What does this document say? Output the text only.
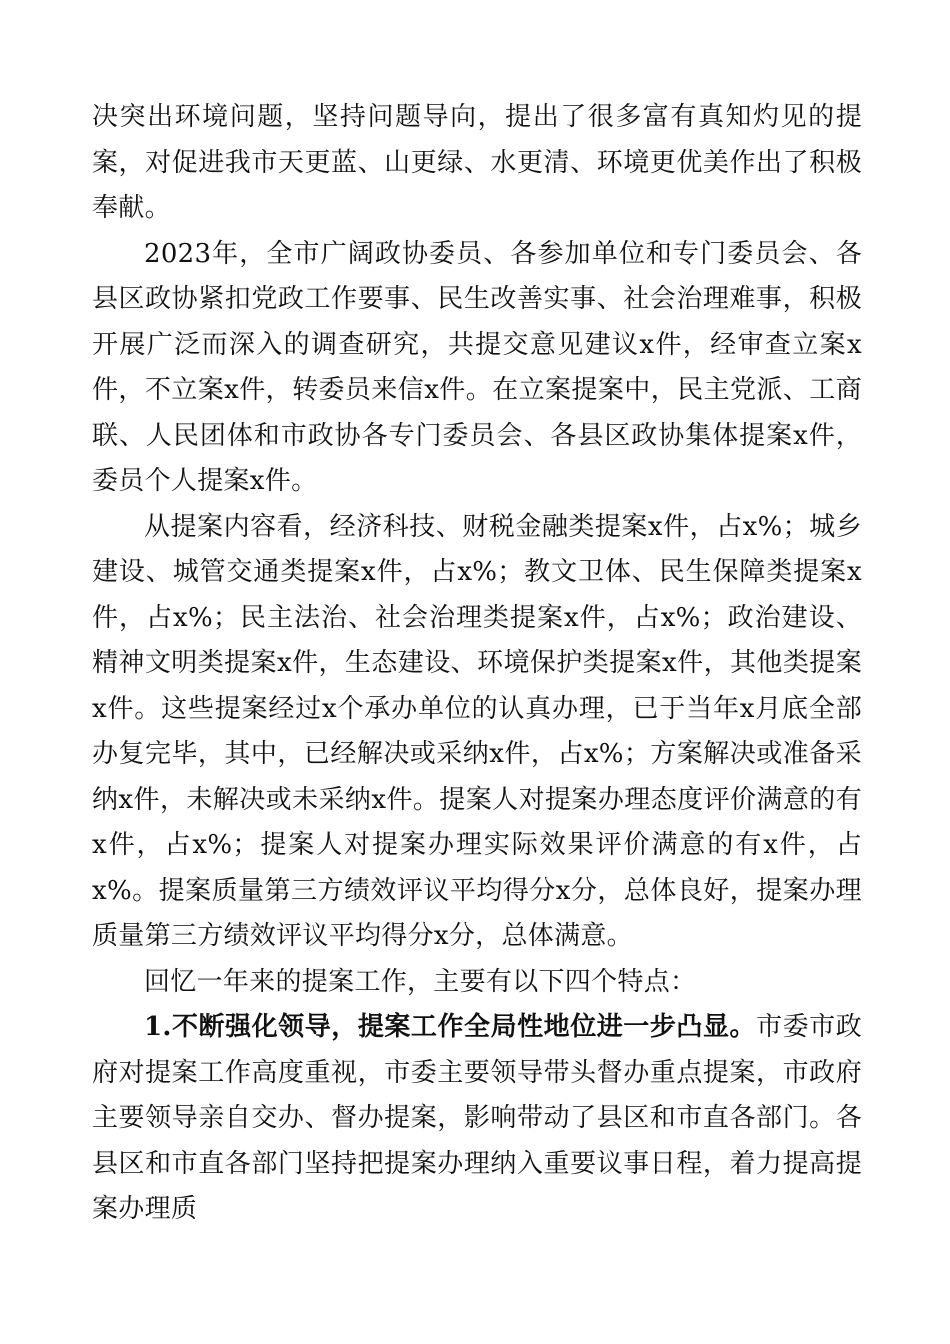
决突出环境问题，坚持问题导向，提出了很多富有真知灼见的提案，对促进我市天更蓝、山更绿、水更清、环境更优美作出了积极奉献。

2023年，全市广阔政协委员、各参加单位和专门委员会、各县区政协紧扣党政工作要事、民生改善实事、社会治理难事，积极开展广泛而深入的调查研究，共提交意见建议x件，经审查立案x件，不立案x件，转委员来信x件。在立案提案中，民主党派、工商联、人民团体和市政协各专门委员会、各县区政协集体提案x件，委员个人提案x件。

从提案内容看，经济科技、财税金融类提案x件，占x%；城乡建设、城管交通类提案x件，占x%；教文卫体、民生保障类提案x件，占x%；民主法治、社会治理类提案x件，占x%；政治建设、精神文明类提案x件，生态建设、环境保护类提案x件，其他类提案x件。这些提案经过x个承办单位的认真办理，已于当年x月底全部办复完毕，其中，已经解决或采纳x件，占x%；方案解决或准备采纳x件，未解决或未采纳x件。提案人对提案办理态度评价满意的有x件，占x%；提案人对提案办理实际效果评价满意的有x件，占x%。提案质量第三方绩效评议平均得分x分，总体良好，提案办理质量第三方绩效评议平均得分x分，总体满意。

回忆一年来的提案工作，主要有以下四个特点：

1.不断强化领导，提案工作全局性地位进一步凸显。市委市政府对提案工作高度重视，市委主要领导带头督办重点提案，市政府主要领导亲自交办、督办提案，影响带动了县区和市直各部门。各县区和市直各部门坚持把提案办理纳入重要议事日程，着力提高提案办理质
